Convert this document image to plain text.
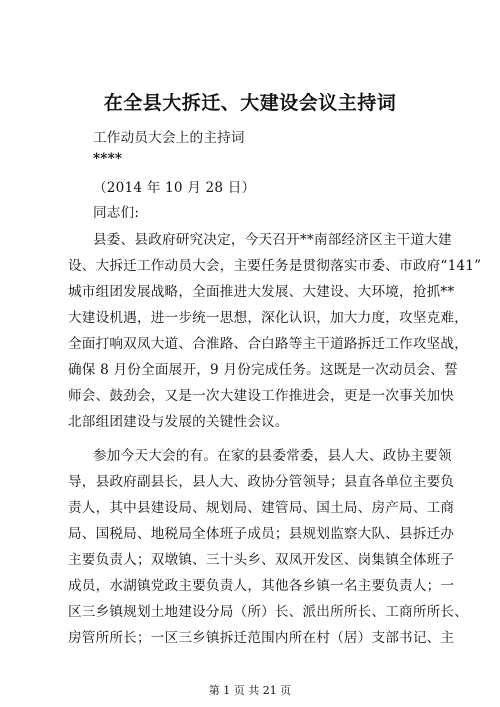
在全县大拆迁、大建设会议主持词
工作动员大会上的主持词
****
（2014 年 10 月 28 日）
同志们:
县委、县政府研究决定，今天召开**南部经济区主干道大建
设、大拆迁工作动员大会，主要任务是贯彻落实市委、市政府“141”
城市组团发展战略，全面推进大发展、大建设、大环境，抢抓**
大建设机遇，进一步统一思想，深化认识，加大力度，攻坚克难，
全面打响双凤大道、合淮路、合白路等主干道路拆迁工作攻坚战，
确保 8 月份全面展开，9 月份完成任务。这既是一次动员会、誓
师会、鼓劲会，又是一次大建设工作推进会，更是一次事关加快
北部组团建设与发展的关键性会议。
参加今天大会的有。在家的县委常委，县人大、政协主要领
导，县政府副县长，县人大、政协分管领导；县直各单位主要负
责人，其中县建设局、规划局、建管局、国土局、房产局、工商
局、国税局、地税局全体班子成员；县规划监察大队、县拆迁办
主要负责人；双墩镇、三十头乡、双凤开发区、岗集镇全体班子
成员，水湖镇党政主要负责人，其他各乡镇一名主要负责人；一
区三乡镇规划土地建设分局（所）长、派出所所长、工商所所长、
房管所所长；一区三乡镇拆迁范围内所在村（居）支部书记、主
第 1 页 共 21 页
